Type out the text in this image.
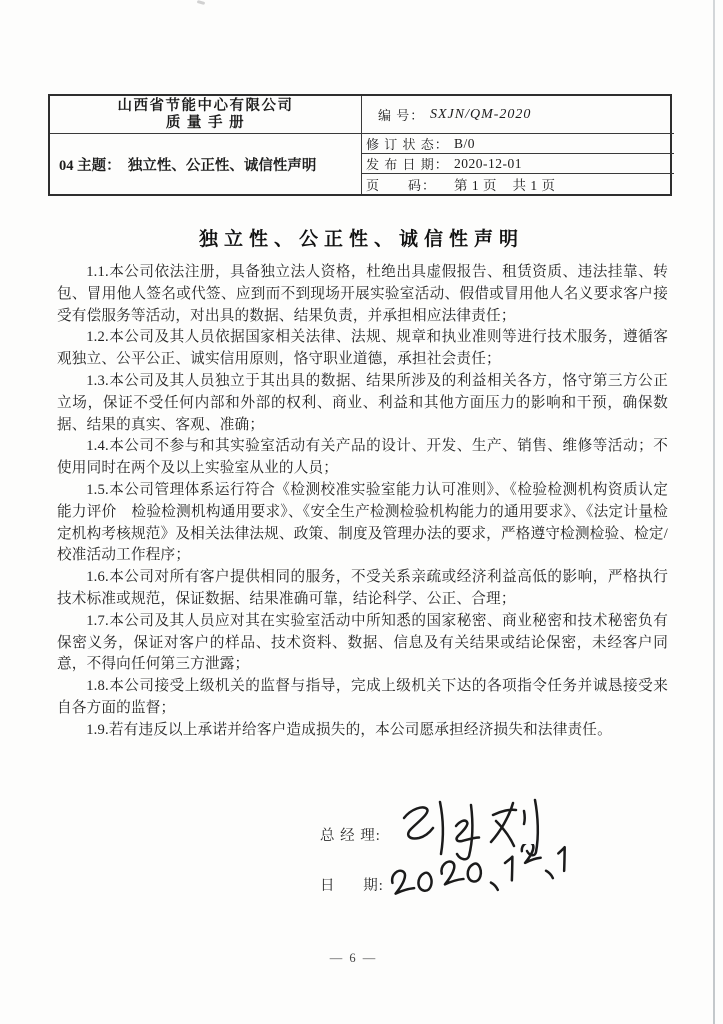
山西省节能中心有限公司
质 量 手 册	编 号： SXJN/QM-2020
04 主题：  独立性、公正性、诚信性声明
修 订 状 态： B/0
发 布 日 期： 2020-12-01
页　　码：	第 1 页    共 1 页
独立性、公正性、诚信性声明

1.1.本公司依法注册，具备独立法人资格，杜绝出具虚假报告、租赁资质、违法挂靠、转包、冒用他人签名或代签、应到而不到现场开展实验室活动、假借或冒用他人名义要求客户接受有偿服务等活动，对出具的数据、结果负责，并承担相应法律责任；

1.2.本公司及其人员依据国家相关法律、法规、规章和执业准则等进行技术服务，遵循客观独立、公平公正、诚实信用原则，恪守职业道德，承担社会责任；

1.3.本公司及其人员独立于其出具的数据、结果所涉及的利益相关各方，恪守第三方公正立场，保证不受任何内部和外部的权利、商业、利益和其他方面压力的影响和干预，确保数据、结果的真实、客观、准确；

1.4.本公司不参与和其实验室活动有关产品的设计、开发、生产、销售、维修等活动；不使用同时在两个及以上实验室从业的人员；

1.5.本公司管理体系运行符合《检测校准实验室能力认可准则》、《检验检测机构资质认定能力评价　检验检测机构通用要求》、《安全生产检测检验机构能力的通用要求》、《法定计量检定机构考核规范》及相关法律法规、政策、制度及管理办法的要求，严格遵守检测检验、检定/校准活动工作程序；

1.6.本公司对所有客户提供相同的服务，不受关系亲疏或经济利益高低的影响，严格执行技术标准或规范，保证数据、结果准确可靠，结论科学、公正、合理；

1.7.本公司及其人员应对其在实验室活动中所知悉的国家秘密、商业秘密和技术秘密负有保密义务，保证对客户的样品、技术资料、数据、信息及有关结果或结论保密，未经客户同意，不得向任何第三方泄露；

1.8.本公司接受上级机关的监督与指导，完成上级机关下达的各项指令任务并诚恳接受来自各方面的监督；

1.9.若有违反以上承诺并给客户造成损失的，本公司愿承担经济损失和法律责任。

总 经 理:
日      期:
— 6 —
